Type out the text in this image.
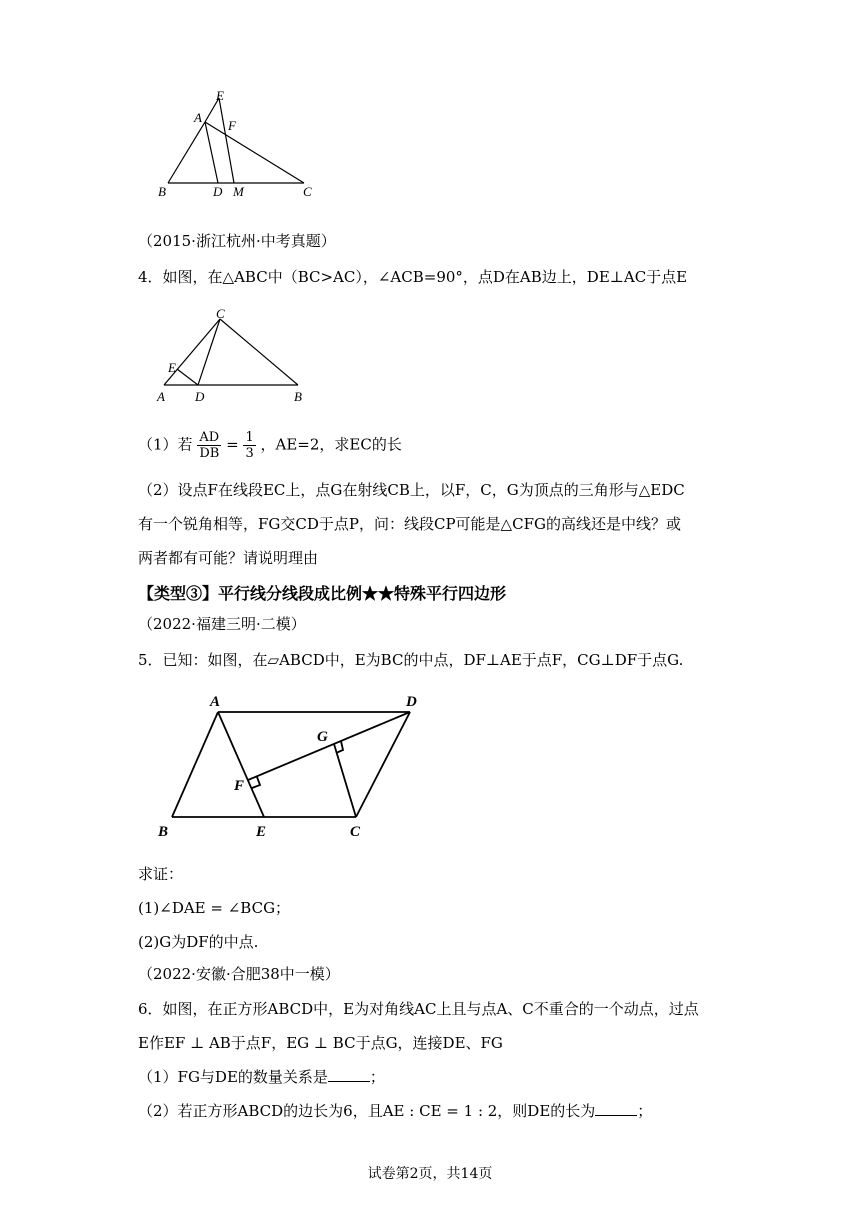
E
A
F
B	D M	C
（2015·浙江杭州·中考真题）
4．如图，在△ABC中（BC>AC），∠ACB=90°，点D在AB边上，DE⊥AC于点E
C
E
A D	B
（1）若 $\frac{AD}{DB} = \frac{1}{3}$ ，AE=2，求EC的长
（2）设点F在线段EC上，点G在射线CB上，以F，C，G为顶点的三角形与△EDC
有一个锐角相等，FG交CD于点P，问：线段CP可能是△CFG的高线还是中线？或
两者都有可能？请说明理由
【类型③】平行线分线段成比例★★特殊平行四边形
（2022·福建三明·二模）
5．已知：如图，在▱ABCD中，E为BC的中点，DF⊥AE于点F，CG⊥DF于点G.
A	D
G
F
B	E	C
求证：
(1)∠DAE = ∠BCG；
(2)G为DF的中点.
（2022·安徽·合肥38中一模）
6．如图，在正方形ABCD中，E为对角线AC上且与点A、C不重合的一个动点，过点
E作EF ⊥ AB于点F，EG ⊥ BC于点G，连接DE、FG
（1）FG与DE的数量关系是	；
（2）若正方形ABCD的边长为6，且AE : CE = 1 : 2，则DE的长为	；
试卷第2页，共14页
